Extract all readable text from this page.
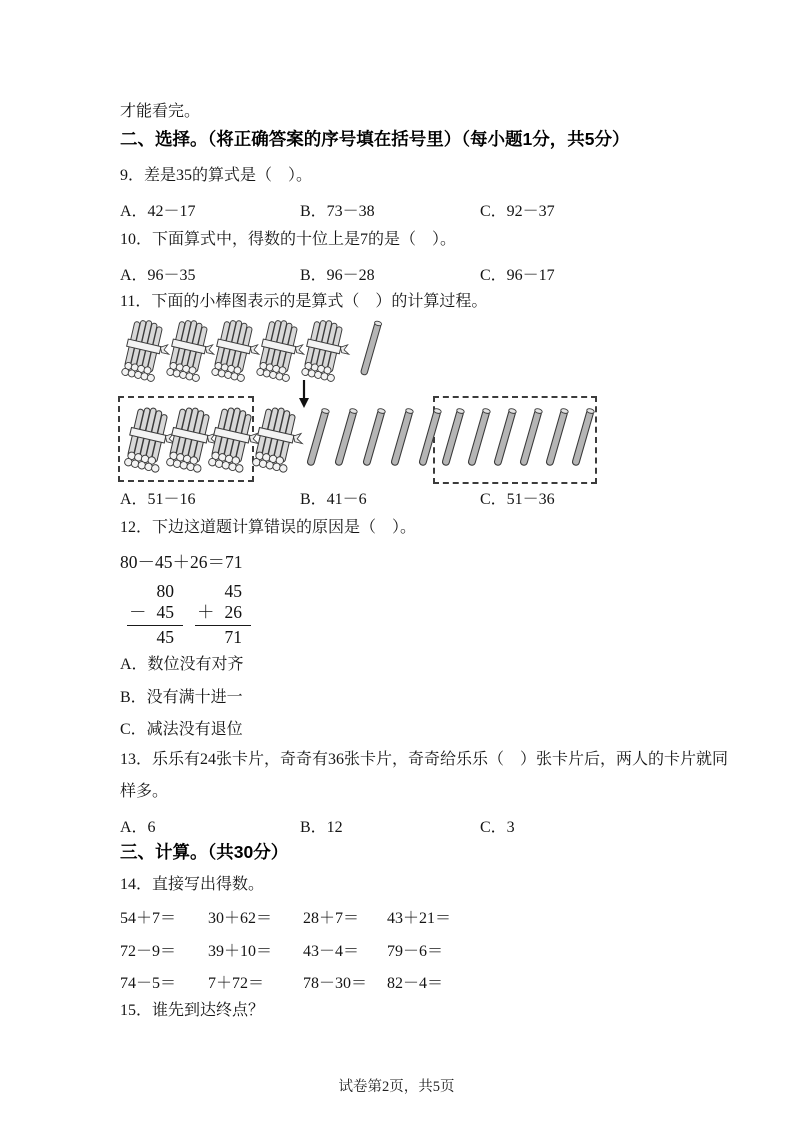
才能看完。
二、选择。（将正确答案的序号填在括号里）（每小题1分，共5分）
9．差是35的算式是（　）。
A．42－17	B．73－38	C．92－37
10．下面算式中，得数的十位上是7的是（　）。
A．96－35	B．96－28	C．96－17
11．下面的小棒图表示的是算式（　）的计算过程。
A．51－16	B．41－6	C．51－36
12．下边这道题计算错误的原因是（　）。
80－45＋26＝71
80
－ 45
45
45
＋ 26
71
A．数位没有对齐
B．没有满十进一
C．减法没有退位
13．乐乐有24张卡片，奇奇有36张卡片，奇奇给乐乐（　）张卡片后，两人的卡片就同
样多。
A．6	B．12	C．3
三、计算。（共30分）
14．直接写出得数。
54＋7＝ 30＋62＝ 28＋7＝ 43＋21＝
72－9＝ 39＋10＝ 43－4＝ 79－6＝
74－5＝ 7＋72＝ 78－30＝ 82－4＝
15．谁先到达终点？
试卷第2页，共5页
